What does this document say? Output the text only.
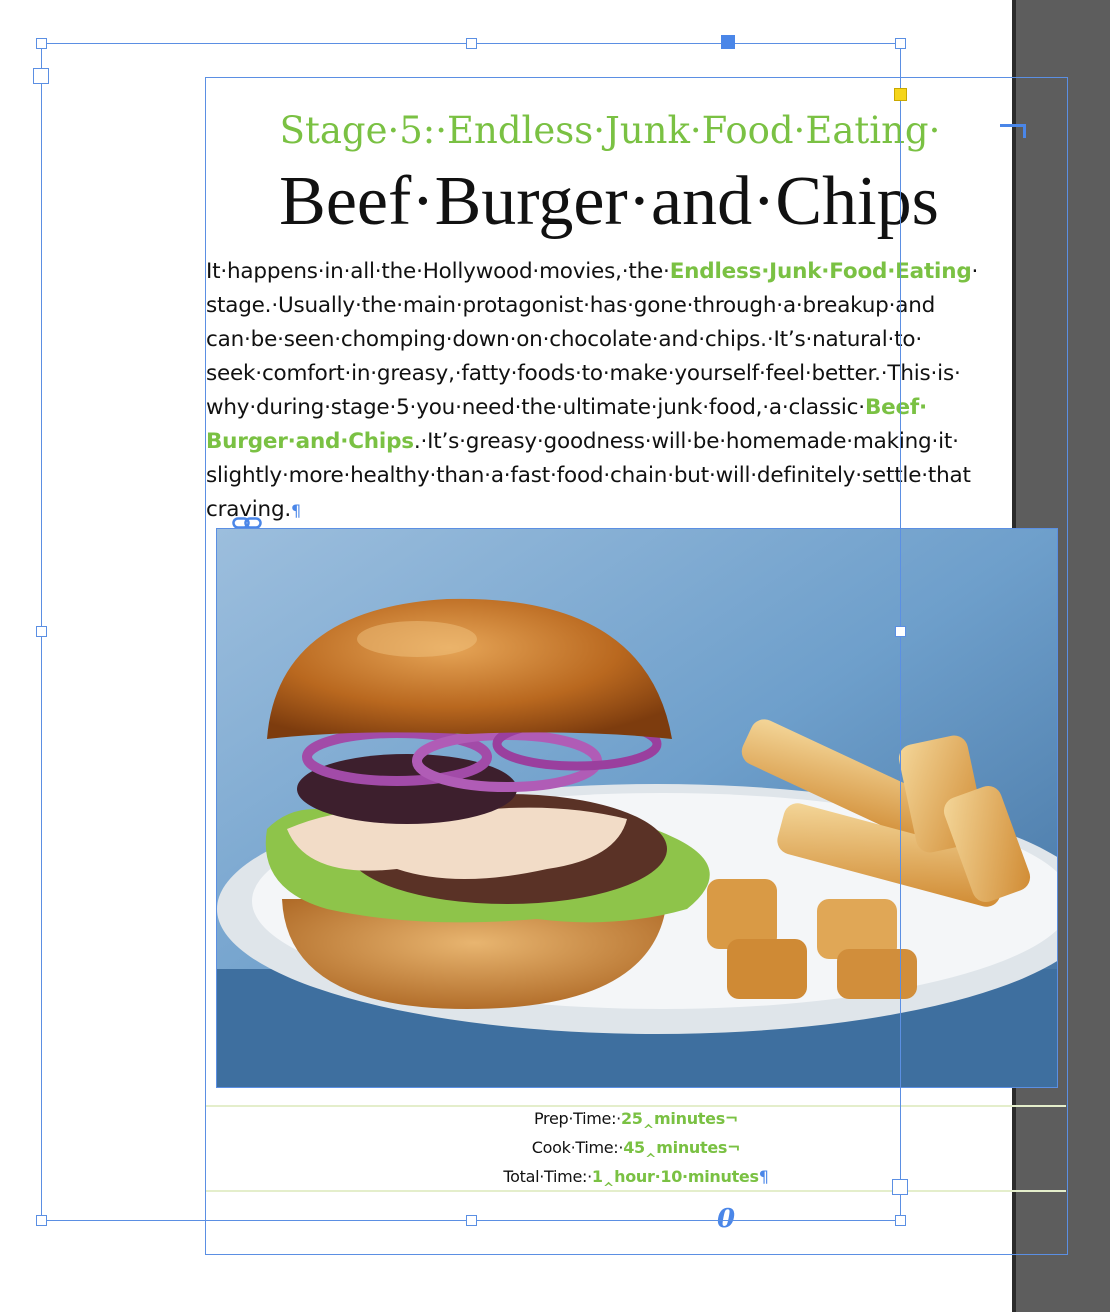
Stage·5:·Endless·Junk·Food·Eating·
Beef·Burger·and·Chips
It·happens·in·all·the·Hollywood·movies,·the·Endless·Junk·Food·Eating·
stage.·Usually·the·main·protagonist·has·gone·through·a·breakup·and
can·be·seen·chomping·down·on·chocolate·and·chips.·It’s·natural·to·
seek·comfort·in·greasy,·fatty·foods·to·make·yourself·feel·better.·This·is·
why·during·stage·5·you·need·the·ultimate·junk·food,·a·classic·Beef·
Burger·and·Chips.·It’s·greasy·goodness·will·be·homemade·making·it·
slightly·more·healthy·than·a·fast·food·chain·but·will·definitely·settle·that
craving.¶
Prep·Time:·25‸minutes¬
Cook·Time:·45‸minutes¬
Total·Time:·1‸hour·10·minutes¶
0
